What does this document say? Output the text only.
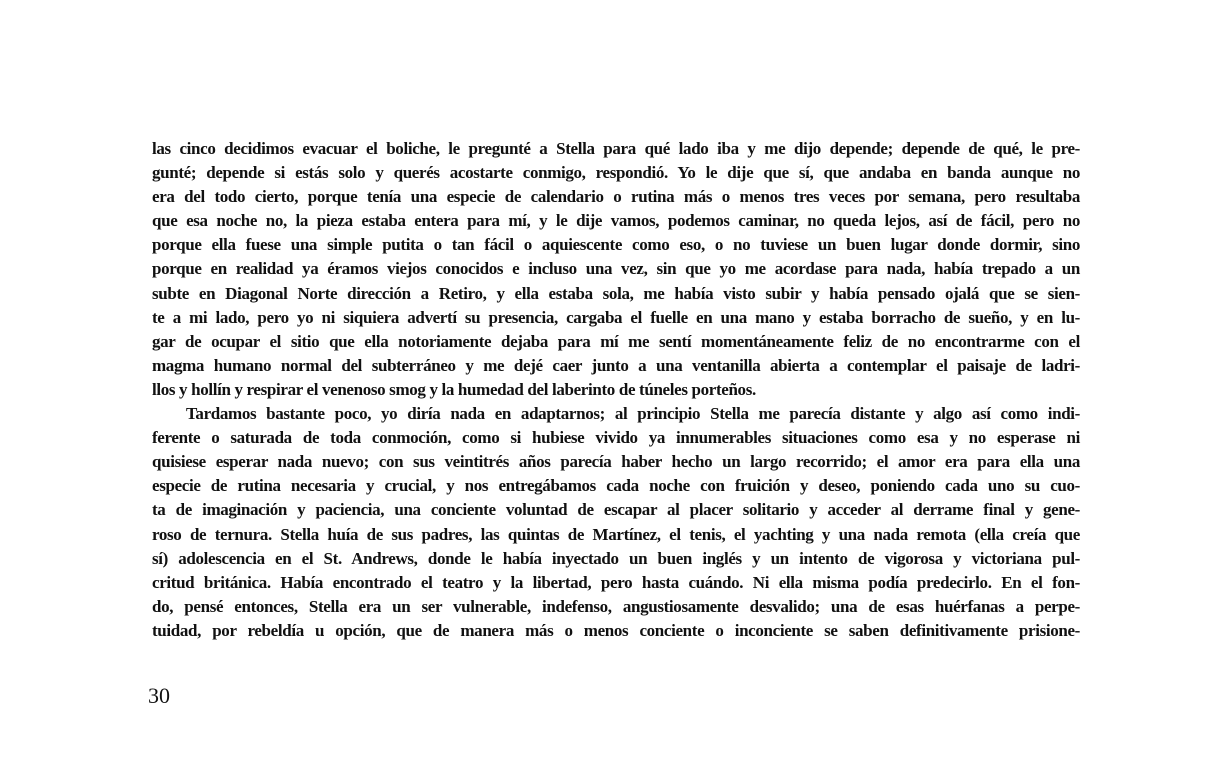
las cinco decidimos evacuar el boliche, le pregunté a Stella para qué lado iba y me dijo depende; depende de qué, le pre-
gunté; depende si estás solo y querés acostarte conmigo, respondió. Yo le dije que sí, que andaba en banda aunque no
era del todo cierto, porque tenía una especie de calendario o rutina más o menos tres veces por semana, pero resultaba
que esa noche no, la pieza estaba entera para mí, y le dije vamos, podemos caminar, no queda lejos, así de fácil, pero no
porque ella fuese una simple putita o tan fácil o aquiescente como eso, o no tuviese un buen lugar donde dormir, sino
porque en realidad ya éramos viejos conocidos e incluso una vez, sin que yo me acordase para nada, había trepado a un
subte en Diagonal Norte dirección a Retiro, y ella estaba sola, me había visto subir y había pensado ojalá que se sien-
te a mi lado, pero yo ni siquiera advertí su presencia, cargaba el fuelle en una mano y estaba borracho de sueño, y en lu-
gar de ocupar el sitio que ella notoriamente dejaba para mí me sentí momentáneamente feliz de no encontrarme con el
magma humano normal del subterráneo y me dejé caer junto a una ventanilla abierta a contemplar el paisaje de ladri-
llos y hollín y respirar el venenoso smog y la humedad del laberinto de túneles porteños.
Tardamos bastante poco, yo diría nada en adaptarnos; al principio Stella me parecía distante y algo así como indi-
ferente o saturada de toda conmoción, como si hubiese vivido ya innumerables situaciones como esa y no esperase ni
quisiese esperar nada nuevo; con sus veintitrés años parecía haber hecho un largo recorrido; el amor era para ella una
especie de rutina necesaria y crucial, y nos entregábamos cada noche con fruición y deseo, poniendo cada uno su cuo-
ta de imaginación y paciencia, una conciente voluntad de escapar al placer solitario y acceder al derrame final y gene-
roso de ternura. Stella huía de sus padres, las quintas de Martínez, el tenis, el yachting y una nada remota (ella creía que
sí) adolescencia en el St. Andrews, donde le había inyectado un buen inglés y un intento de vigorosa y victoriana pul-
critud británica. Había encontrado el teatro y la libertad, pero hasta cuándo. Ni ella misma podía predecirlo. En el fon-
do, pensé entonces, Stella era un ser vulnerable, indefenso, angustiosamente desvalido; una de esas huérfanas a perpe-
tuidad, por rebeldía u opción, que de manera más o menos conciente o inconciente se saben definitivamente prisione-
30
